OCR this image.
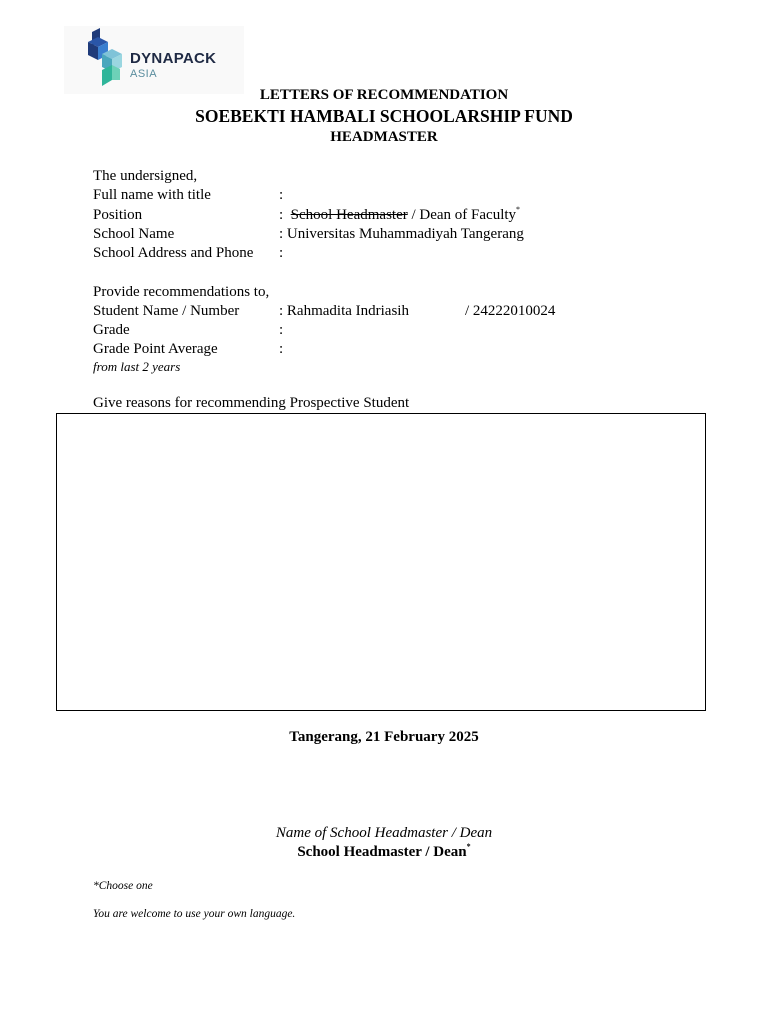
DYNAPACK
ASIA
LETTERS OF RECOMMENDATION
SOEBEKTI HAMBALI SCHOOLARSHIP FUND
HEADMASTER
The undersigned,
Full name with title	:
Position	: School Headmaster / Dean of Faculty*
School Name	: Universitas Muhammadiyah Tangerang
School Address and Phone :
Provide recommendations to,
Student Name / Number	: Rahmadita Indriasih	/ 24222010024
Grade	:
Grade Point Average	:
from last 2 years
Give reasons for recommending Prospective Student
Tangerang, 21 February 2025
Name of School Headmaster / Dean
School Headmaster / Dean*
*Choose one
You are welcome to use your own language.
